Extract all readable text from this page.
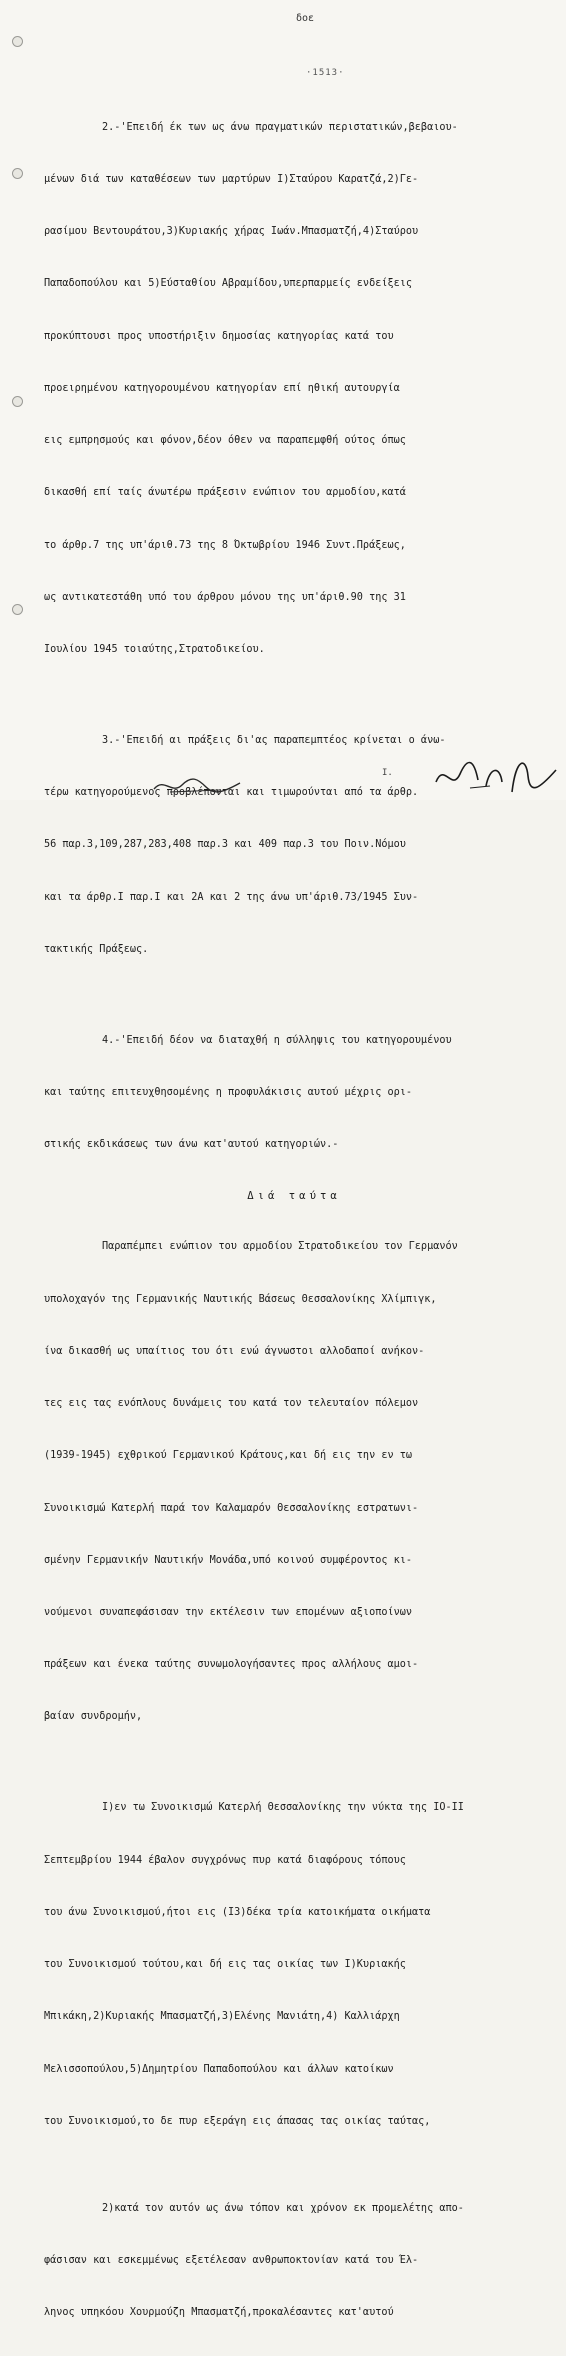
δοε
·1513·

2.-'Επειδή έκ των ως άνω πραγματικών περιστατικών,βεβαιου-

μένων διά των καταθέσεων των μαρτύρων I)Σταύρου Καρατζά,2)Γε-

ρασίμου Βεντουράτου,3)Κυριακής χήρας Ιωάν.Μπασματζή,4)Σταύρου

Παπαδοπούλου και 5)Εύσταθίου Αβραμίδου,υπερπαρμείς ενδείξεις

προκύπτουσι προς υποστήριξιν δημοσίας κατηγορίας κατά του

προειρημένου κατηγορουμένου κατηγορίαν επί ηθική αυτουργία

εις εμπρησμούς και φόνον,δέον όθεν να παραπεμφθή ούτος όπως

δικασθή επί ταίς άνωτέρω πράξεσιν ενώπιον του αρμοδίου,κατά

το άρθρ.7 της υπ'άριθ.73 της 8 Όκτωβρίου 1946 Συντ.Πράξεως,

ως αντικατεστάθη υπό του άρθρου μόνου της υπ'άριθ.90 της 31

Ιουλίου 1945 τοιαύτης,Στρατοδικείου.

3.-'Επειδή αι πράξεις δι'ας παραπεμπτέος κρίνεται ο άνω-

τέρω κατηγορούμενος προβλέπονται και τιμωρούνται από τα άρθρ.

56 παρ.3,109,287,283,408 παρ.3 και 409 παρ.3 του Ποιν.Νόμου

και τα άρθρ.Ι παρ.Ι και 2Α και 2 της άνω υπ'άριθ.73/1945 Συν-

τακτικής Πράξεως.

4.-'Επειδή δέον να διαταχθή η σύλληψις του κατηγορουμένου

και ταύτης επιτευχθησομένης η προφυλάκισις αυτού μέχρις ορι-

στικής εκδικάσεως των άνω κατ'αυτού κατηγοριών.-

Διά ταύτα

Παραπέμπει ενώπιον του αρμοδίου Στρατοδικείου τον Γερμανόν

υπολοχαγόν της Γερμανικής Ναυτικής Βάσεως Θεσσαλονίκης Χλίμπιγκ,

ίνα δικασθή ως υπαίτιος του ότι ενώ άγνωστοι αλλοδαποί ανήκον-

τες εις τας ενόπλους δυνάμεις του κατά τον τελευταίον πόλεμον

(1939-1945) εχθρικού Γερμανικού Κράτους,και δή εις την εν τω

Συνοικισμώ Κατερλή παρά τον Καλαμαρόν Θεσσαλονίκης εστρατωνι-

σμένην Γερμανικήν Ναυτικήν Μονάδα,υπό κοινού συμφέροντος κι-

νούμενοι συναπεφάσισαν την εκτέλεσιν των επομένων αξιοποίνων

πράξεων και ένεκα ταύτης συνωμολογήσαντες προς αλλήλους αμοι-

βαίαν συνδρομήν,

Ι)εν τω Συνοικισμώ Κατερλή Θεσσαλονίκης την νύκτα της IO-II

Σεπτεμβρίου 1944 έβαλον συγχρόνως πυρ κατά διαφόρους τόπους

του άνω Συνοικισμού,ήτοι εις (Ι3)δέκα τρία κατοικήματα οικήματα

του Συνοικισμού τούτου,και δή εις τας οικίας των Ι)Κυριακής

Μπικάκη,2)Κυριακής Μπασματζή,3)Ελένης Μανιάτη,4) Καλλιάρχη

Μελισσοπούλου,5)Δημητρίου Παπαδοπούλου και άλλων κατοίκων

του Συνοικισμού,το δε πυρ εξεράγη εις άπασας τας οικίας ταύτας,

2)κατά τον αυτόν ως άνω τόπον και χρόνον εκ προμελέτης απο-

φάσισαν και εσκεμμένως εξετέλεσαν ανθρωποκτονίαν κατά του Έλ-

ληνος υπηκόου Χουρμούζη Μπασματζή,προκαλέσαντες κατ'αυτού

Ι.
